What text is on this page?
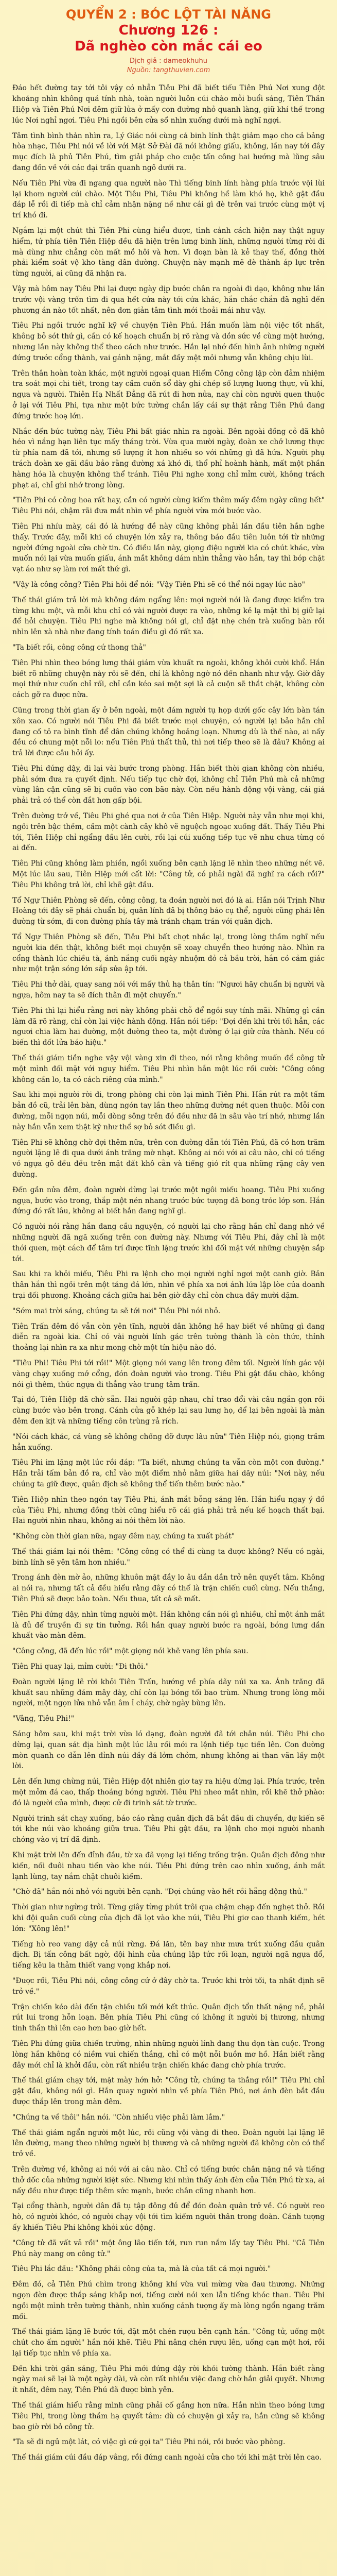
QUYỂN 2 : BÓC LỘT TÀI NĂNG
Chương 126 :
Dã nghèo còn mắc cái eo
Dịch giả : dameokhuhu
Nguồn: tangthuvien.com

Đáo hết đường tay tới tôi vậy có nhẫn Tiêu Phi đã biết tiếu Tiên Phú Nơi xung đột khoảng nhìn không quá tỉnh nhà, toàn người luôn cúi chào mỗi buổi sáng, Tiên Thần Hiệp và Tiên Phú Nơi đêm giữ lửa ở mấy con đường nhỏ quanh làng, giữ khí thế trong lúc Nơi nghỉ ngơi. Tiêu Phi ngồi bên cửa sổ nhìn xuống dưới mà nghĩ ngợi.

Tâm tình bình thản nhìn ra, Lý Giác nói cùng cả binh lính thật giảm mạo cho cả bảng hòa nhạc, Tiêu Phi nói về lời với Mặt Sở Đài đã nói không giấu, không, lần nay tới đây mục đích là phủ Tiên Phú, tìm giải pháp cho cuộc tấn công hai hướng mà lũng sâu đang đồn về với các đại trấn quanh ngõ dưới ra.

Nếu Tiên Phi vừa đi ngang qua người nào Thì tiếng binh lính hàng phía trước vội lùi lại khom người cúi chào. Một Tiêu Phi, Tiêu Phi không hề làm khó họ, khẽ gật đầu đáp lễ rồi đi tiếp mà chỉ cảm nhận nặng nề như cái gì đè trên vai trước cùng một vị trí khó đi.

Ngắm lại một chút thì Tiên Phi cùng hiểu được, tình cảnh cách hiện nay thật nguy hiểm, tứ phía tiên Tiên Hiệp đều đã hiện trên lưng binh lính, những người từng rời đi mà dùng như chẳng còn mất mồ hôi và hơn. Vì đoạn bàn là kẻ thay thế, đồng thời phải kiểm soát vệ kho tàng dân dường. Chuyện này mạnh mẽ đè thành áp lực trên từng người, ai cũng đã nhận ra.

Vậy mà hôm nay Tiêu Phi lại được ngày dịp bước chân ra ngoài đi dạo, không như lần trước vội vàng trốn tìm đi qua hết cửa này tới cửa khác, hắn chắc chắn đã nghĩ đến phương án nào tốt nhất, nên đơn giản tâm tình mới thoải mái như vậy.

Tiêu Phi ngồi trước nghĩ kỹ về chuyện Tiên Phú. Hắn muốn làm nội việc tốt nhất, không bỏ sót thứ gì, cần có kế hoạch chuẩn bị rõ ràng và dồn sức về cùng một hướng, nhưng lần này không thể theo cách như trước. Hắn lại nhớ đến hình ảnh những người đứng trước cổng thành, vai gánh nặng, mắt đầy mệt mỏi nhưng vẫn không chịu lùi.

Trên thân hoàn toàn khác, một người ngoại quan Hiểm Công công lập còn đảm nhiệm tra soát mọi chi tiết, trong tay cầm cuốn sổ dày ghi chép số lượng lương thực, vũ khí, ngựa và người. Thiên Hạ Nhất Đẳng đã rút đi hơn nửa, nay chỉ còn người quen thuộc ở lại với Tiêu Phi, tựa như một bức tường chắn lấy cái sự thật rằng Tiên Phú đang đứng trước hoạ lớn.

Nhắc đến bức tường này, Tiêu Phi bất giác nhìn ra ngoài. Bên ngoài đồng cỏ đã khô héo vì nắng hạn liên tục mấy tháng trời. Vừa qua mười ngày, đoàn xe chở lương thực từ phía nam đã tới, nhưng số lượng ít hơn nhiều so với những gì đã hứa. Người phụ trách đoàn xe gãi đầu bảo rằng đường xá khó đi, thổ phỉ hoành hành, mất một phần hàng hóa là chuyện không thể tránh. Tiêu Phi nghe xong chỉ mỉm cười, không trách phạt ai, chỉ ghi nhớ trong lòng.

"Tiên Phi có công hoa rất hay, cần có người cùng kiếm thêm mấy đêm ngày cũng hết" Tiêu Phi nói, chậm rãi đưa mắt nhìn về phía người vừa mới bước vào.

Tiên Phi nhíu mày, cái đó là hướng đề này cũng không phải lần đầu tiên hắn nghe thấy. Trước đây, mỗi khi có chuyện lớn xảy ra, thông báo đầu tiên luôn tới từ những người đứng ngoài cửa chờ tin. Có điều lần này, giọng điệu người kia có chút khác, vừa muốn nói lại vừa muốn giấu, ánh mắt không dám nhìn thẳng vào hắn, tay thì bóp chặt vạt áo như sợ làm rơi mất thứ gì.

"Vậy là công công? Tiên Phi hỏi để nói: "Vậy Tiên Phi sẽ có thể nói ngay lúc nào"

Thế thái giám trả lời mà không dám ngẩng lên: mọi người nói là đang được kiểm tra từng khu một, và mỗi khu chỉ có vài người được ra vào, những kẻ lạ mặt thì bị giữ lại để hỏi chuyện. Tiêu Phi nghe mà không nói gì, chỉ đặt nhẹ chén trà xuống bàn rồi nhìn lên xà nhà như đang tính toán điều gì đó rất xa.

"Ta biết rồi, công công cứ thong thả"

Tiên Phi nhìn theo bóng lưng thái giám vừa khuất ra ngoài, không khỏi cười khổ. Hắn biết rõ những chuyện này rồi sẽ đến, chỉ là không ngờ nó đến nhanh như vậy. Giờ đây mọi thứ như cuốn chỉ rối, chỉ cần kéo sai một sợi là cả cuộn sẽ thắt chặt, không còn cách gỡ ra được nữa.

Cũng trong thời gian ấy ở bên ngoài, một đám người tụ họp dưới gốc cây lớn bàn tán xôn xao. Có người nói Tiêu Phi đã biết trước mọi chuyện, có người lại bảo hắn chỉ đang cố tỏ ra bình tĩnh để dân chúng không hoảng loạn. Nhưng dù là thế nào, ai nấy đều có chung một nỗi lo: nếu Tiên Phú thất thủ, thì nơi tiếp theo sẽ là đâu? Không ai trả lời được câu hỏi ấy.

Tiêu Phi đứng dậy, đi lại vài bước trong phòng. Hắn biết thời gian không còn nhiều, phải sớm đưa ra quyết định. Nếu tiếp tục chờ đợi, không chỉ Tiên Phú mà cả những vùng lân cận cũng sẽ bị cuốn vào cơn bão này. Còn nếu hành động vội vàng, cái giá phải trả có thể còn đắt hơn gấp bội.

Trên đường trở về, Tiêu Phi ghé qua nơi ở của Tiên Hiệp. Người này vẫn như mọi khi, ngồi trên bậc thềm, cầm một cành cây khô vẽ nguệch ngoạc xuống đất. Thấy Tiêu Phi tới, Tiên Hiệp chỉ ngẩng đầu lên cười, rồi lại cúi xuống tiếp tục vẽ như chưa từng có ai đến.

Tiên Phi cũng không làm phiền, ngồi xuống bên cạnh lặng lẽ nhìn theo những nét vẽ. Một lúc lâu sau, Tiên Hiệp mới cất lời: "Công tử, có phải ngài đã nghĩ ra cách rồi?" Tiêu Phi không trả lời, chỉ khẽ gật đầu.

Tổ Ngự Thiên Phòng sẽ đến, công công, ta đoán người nơi đó là ai. Hắn nói Trịnh Như Hoàng tới đây sẽ phải chuẩn bị, quân lính đã bị thông báo cụ thể, người cũng phải lên đường từ sớm, đi con đường phía tây mà tránh chạm trán với quân địch.

Tổ Ngự Thiên Phòng sẽ đến, Tiêu Phi bất chợt nhắc lại, trong lòng thầm nghĩ nếu người kia đến thật, không biết mọi chuyện sẽ xoay chuyển theo hướng nào. Nhìn ra cổng thành lúc chiều tà, ánh nắng cuối ngày nhuộm đỏ cả bầu trời, hắn có cảm giác như một trận sóng lớn sắp sửa ập tới.

Tiêu Phi thở dài, quay sang nói với mấy thủ hạ thân tín: "Ngươi hãy chuẩn bị người và ngựa, hôm nay ta sẽ đích thân đi một chuyến."

Tiên Phi thì lại hiểu rằng nơi này không phải chỗ để ngồi suy tính mãi. Những gì cần làm đã rõ ràng, chỉ còn lại việc hành động. Hắn nói tiếp: "Đợi đến khi trời tối hẳn, các ngươi chia làm hai đường, một đường theo ta, một đường ở lại giữ cửa thành. Nếu có biến thì đốt lửa báo hiệu."

Thế thái giám tiền nghe vậy vội vàng xin đi theo, nói rằng không muốn để công tử một mình đối mặt với nguy hiểm. Tiêu Phi nhìn hắn một lúc rồi cười: "Công công không cần lo, ta có cách riêng của mình."

Sau khi mọi người rời đi, trong phòng chỉ còn lại mình Tiên Phi. Hắn rút ra một tấm bản đồ cũ, trải lên bàn, dùng ngón tay lần theo những đường nét quen thuộc. Mỗi con đường, mỗi ngọn núi, mỗi dòng sông trên đó đều như đã in sâu vào trí nhớ, nhưng lần này hắn vẫn xem thật kỹ như thể sợ bỏ sót điều gì.

Tiên Phi sẽ không chờ đợi thêm nữa, trên con đường dẫn tới Tiên Phú, đã có hơn trăm người lặng lẽ đi qua dưới ánh trăng mờ nhạt. Không ai nói với ai câu nào, chỉ có tiếng vó ngựa gõ đều đều trên mặt đất khô cằn và tiếng gió rít qua những rặng cây ven đường.

Đến gần nửa đêm, đoàn người dừng lại trước một ngôi miếu hoang. Tiêu Phi xuống ngựa, bước vào trong, thắp một nén nhang trước bức tượng đã bong tróc lớp sơn. Hắn đứng đó rất lâu, không ai biết hắn đang nghĩ gì.

Có người nói rằng hắn đang cầu nguyện, có người lại cho rằng hắn chỉ đang nhớ về những người đã ngã xuống trên con đường này. Nhưng với Tiêu Phi, đây chỉ là một thói quen, một cách để tâm trí được tĩnh lặng trước khi đối mặt với những chuyện sắp tới.

Sau khi ra khỏi miếu, Tiêu Phi ra lệnh cho mọi người nghỉ ngơi một canh giờ. Bản thân hắn thì ngồi trên một tảng đá lớn, nhìn về phía xa nơi ánh lửa lập lòe của doanh trại đối phương. Khoảng cách giữa hai bên giờ đây chỉ còn chưa đầy mười dặm.

"Sớm mai trời sáng, chúng ta sẽ tới nơi" Tiêu Phi nói nhỏ.

Tiên Trấn đêm đó vẫn còn yên tĩnh, người dân không hề hay biết về những gì đang diễn ra ngoài kia. Chỉ có vài người lính gác trên tường thành là còn thức, thỉnh thoảng lại nhìn ra xa như mong chờ một tín hiệu nào đó.

"Tiêu Phi! Tiêu Phi tới rồi!" Một giọng nói vang lên trong đêm tối. Người lính gác vội vàng chạy xuống mở cổng, đón đoàn người vào trong. Tiêu Phi gật đầu chào, không nói gì thêm, thúc ngựa đi thẳng vào trung tâm trấn.

Tại đó, Tiên Hiệp đã chờ sẵn. Hai người gặp nhau, chỉ trao đổi vài câu ngắn gọn rồi cùng bước vào bên trong. Cánh cửa gỗ khép lại sau lưng họ, để lại bên ngoài là màn đêm đen kịt và những tiếng côn trùng rả rích.

"Nói cách khác, cả vùng sẽ không chống đỡ được lâu nữa" Tiên Hiệp nói, giọng trầm hẳn xuống.

Tiêu Phi im lặng một lúc rồi đáp: "Ta biết, nhưng chúng ta vẫn còn một con đường." Hắn trải tấm bản đồ ra, chỉ vào một điểm nhỏ nằm giữa hai dãy núi: "Nơi này, nếu chúng ta giữ được, quân địch sẽ không thể tiến thêm bước nào."

Tiên Hiệp nhìn theo ngón tay Tiêu Phi, ánh mắt bỗng sáng lên. Hắn hiểu ngay ý đồ của Tiêu Phi, nhưng đồng thời cũng hiểu rõ cái giá phải trả nếu kế hoạch thất bại. Hai người nhìn nhau, không ai nói thêm lời nào.

"Không còn thời gian nữa, ngay đêm nay, chúng ta xuất phát"

Thế thái giám lại nói thêm: "Công công có thể đi cùng ta được không? Nếu có ngài, binh lính sẽ yên tâm hơn nhiều."

Trong ánh đèn mờ ảo, những khuôn mặt đầy lo âu dần dần trở nên quyết tâm. Không ai nói ra, nhưng tất cả đều hiểu rằng đây có thể là trận chiến cuối cùng. Nếu thắng, Tiên Phú sẽ được bảo toàn. Nếu thua, tất cả sẽ mất.

Tiên Phi đứng dậy, nhìn từng người một. Hắn không cần nói gì nhiều, chỉ một ánh mắt là đủ để truyền đi sự tin tưởng. Rồi hắn quay người bước ra ngoài, bóng lưng dần khuất vào màn đêm.

"Công công, đã đến lúc rồi" một giọng nói khẽ vang lên phía sau.

Tiên Phi quay lại, mỉm cười: "Đi thôi."

Đoàn người lặng lẽ rời khỏi Tiên Trấn, hướng về phía dãy núi xa xa. Ánh trăng đã khuất sau những đám mây dày, chỉ còn lại bóng tối bao trùm. Nhưng trong lòng mỗi người, một ngọn lửa nhỏ vẫn âm ỉ cháy, chờ ngày bùng lên.

"Vâng, Tiêu Phi!"

Sáng hôm sau, khi mặt trời vừa ló dạng, đoàn người đã tới chân núi. Tiêu Phi cho dừng lại, quan sát địa hình một lúc lâu rồi mới ra lệnh tiếp tục tiến lên. Con đường mòn quanh co dẫn lên đỉnh núi đầy đá lởm chởm, nhưng không ai than vãn lấy một lời.

Lên đến lưng chừng núi, Tiên Hiệp đột nhiên giơ tay ra hiệu dừng lại. Phía trước, trên một mỏm đá cao, thấp thoáng bóng người. Tiêu Phi nheo mắt nhìn, rồi khẽ thở phào: đó là người của mình, được cử đi trinh sát từ trước.

Người trinh sát chạy xuống, báo cáo rằng quân địch đã bắt đầu di chuyển, dự kiến sẽ tới khe núi vào khoảng giữa trưa. Tiêu Phi gật đầu, ra lệnh cho mọi người nhanh chóng vào vị trí đã định.

Khi mặt trời lên đến đỉnh đầu, từ xa đã vọng lại tiếng trống trận. Quân địch đông như kiến, nối đuôi nhau tiến vào khe núi. Tiêu Phi đứng trên cao nhìn xuống, ánh mắt lạnh lùng, tay nắm chặt chuôi kiếm.

"Chờ đã" hắn nói nhỏ với người bên cạnh. "Đợi chúng vào hết rồi hẵng động thủ."

Thời gian như ngừng trôi. Từng giây từng phút trôi qua chậm chạp đến nghẹt thở. Rồi khi đội quân cuối cùng của địch đã lọt vào khe núi, Tiêu Phi giơ cao thanh kiếm, hét lớn: "Xông lên!"

Tiếng hò reo vang dậy cả núi rừng. Đá lăn, tên bay như mưa trút xuống đầu quân địch. Bị tấn công bất ngờ, đội hình của chúng lập tức rối loạn, người ngã ngựa đổ, tiếng kêu la thảm thiết vang vọng khắp nơi.

"Được rồi, Tiêu Phi nói, công công cứ ở đây chờ ta. Trước khi trời tối, ta nhất định sẽ trở về."

Trận chiến kéo dài đến tận chiều tối mới kết thúc. Quân địch tổn thất nặng nề, phải rút lui trong hỗn loạn. Bên phía Tiêu Phi cũng có không ít người bị thương, nhưng tinh thần thì lên cao hơn bao giờ hết.

Tiên Phi đứng giữa chiến trường, nhìn những người lính đang thu dọn tàn cuộc. Trong lòng hắn không có niềm vui chiến thắng, chỉ có một nỗi buồn mơ hồ. Hắn biết rằng đây mới chỉ là khởi đầu, còn rất nhiều trận chiến khác đang chờ phía trước.

Thế thái giám chạy tới, mặt mày hớn hở: "Công tử, chúng ta thắng rồi!" Tiêu Phi chỉ gật đầu, không nói gì. Hắn quay người nhìn về phía Tiên Phú, nơi ánh đèn bắt đầu được thắp lên trong màn đêm.

"Chúng ta về thôi" hắn nói. "Còn nhiều việc phải làm lắm."

Thế thái giám ngẩn người một lúc, rồi cũng vội vàng đi theo. Đoàn người lại lặng lẽ lên đường, mang theo những người bị thương và cả những người đã không còn có thể trở về.

Trên đường về, không ai nói với ai câu nào. Chỉ có tiếng bước chân nặng nề và tiếng thở dốc của những người kiệt sức. Nhưng khi nhìn thấy ánh đèn của Tiên Phú từ xa, ai nấy đều như được tiếp thêm sức mạnh, bước chân cũng nhanh hơn.

Tại cổng thành, người dân đã tụ tập đông đủ để đón đoàn quân trở về. Có người reo hò, có người khóc, có người chạy vội tới tìm kiếm người thân trong đoàn. Cảnh tượng ấy khiến Tiêu Phi không khỏi xúc động.

"Công tử đã vất vả rồi" một ông lão tiến tới, run run nắm lấy tay Tiêu Phi. "Cả Tiên Phú này mang ơn công tử."

Tiêu Phi lắc đầu: "Không phải công của ta, mà là của tất cả mọi người."

Đêm đó, cả Tiên Phú chìm trong không khí vừa vui mừng vừa đau thương. Những ngọn đèn được thắp sáng khắp nơi, tiếng cười nói xen lẫn tiếng khóc than. Tiêu Phi ngồi một mình trên tường thành, nhìn xuống cảnh tượng ấy mà lòng ngổn ngang trăm mối.

Thế thái giám lặng lẽ bước tới, đặt một chén rượu bên cạnh hắn. "Công tử, uống một chút cho ấm người" hắn nói khẽ. Tiêu Phi nâng chén rượu lên, uống cạn một hơi, rồi lại tiếp tục nhìn về phía xa.

Đến khi trời gần sáng, Tiêu Phi mới đứng dậy rời khỏi tường thành. Hắn biết rằng ngày mai sẽ lại là một ngày dài, và còn rất nhiều việc đang chờ hắn giải quyết. Nhưng ít nhất, đêm nay, Tiên Phú đã được bình yên.

Thế thái giám hiểu rằng mình cũng phải cố gắng hơn nữa. Hắn nhìn theo bóng lưng Tiêu Phi, trong lòng thầm hạ quyết tâm: dù có chuyện gì xảy ra, hắn cũng sẽ không bao giờ rời bỏ công tử.

"Ta sẽ đi ngủ một lát, có việc gì cứ gọi ta" Tiêu Phi nói, rồi bước vào phòng.

Thế thái giám cúi đầu đáp vâng, rồi đứng canh ngoài cửa cho tới khi mặt trời lên cao.
